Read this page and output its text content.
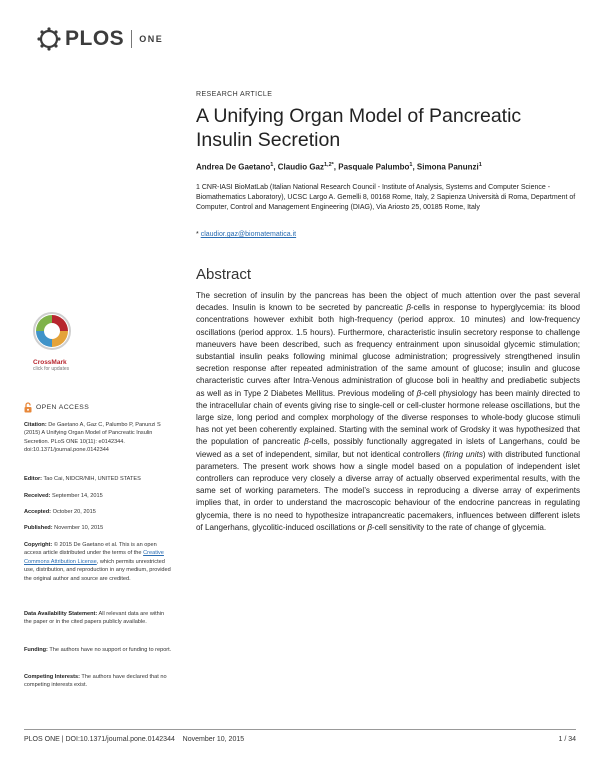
PLOS ONE
RESEARCH ARTICLE
A Unifying Organ Model of Pancreatic Insulin Secretion
Andrea De Gaetano$^1$, Claudio Gaz$^{1,2*}$, Pasquale Palumbo$^1$, Simona Panunzi$^1$
1 CNR-IASI BioMatLab (Italian National Research Council - Institute of Analysis, Systems and Computer Science - Biomathematics Laboratory), UCSC Largo A. Gemelli 8, 00168 Rome, Italy, 2 Sapienza Università di Roma, Department of Computer, Control and Management Engineering (DIAG), Via Ariosto 25, 00185 Rome, Italy
* claudior.gaz@biomatematica.it
Abstract
The secretion of insulin by the pancreas has been the object of much attention over the past several decades. Insulin is known to be secreted by pancreatic β-cells in response to hyperglycemia: its blood concentrations however exhibit both high-frequency (period approx. 10 minutes) and low-frequency oscillations (period approx. 1.5 hours). Furthermore, characteristic insulin secretory response to challenge maneuvers have been described, such as frequency entrainment upon sinusoidal glycemic stimulation; substantial insulin peaks following minimal glucose administration; progressively strengthened insulin secretion response after repeated administration of the same amount of glucose; insulin and glucose characteristic curves after Intra-Venous administration of glucose boli in healthy and prediabetic subjects as well as in Type 2 Diabetes Mellitus. Previous modeling of β-cell physiology has been mainly directed to the intracellular chain of events giving rise to single-cell or cell-cluster hormone release oscillations, but the large size, long period and complex morphology of the diverse responses to whole-body glucose stimuli has not yet been coherently explained. Starting with the seminal work of Grodsky it was hypothesized that the population of pancreatic β-cells, possibly functionally aggregated in islets of Langerhans, could be viewed as a set of independent, similar, but not identical controllers (firing units) with distributed functional parameters. The present work shows how a single model based on a population of independent islet controllers can reproduce very closely a diverse array of actually observed experimental results, with the same set of working parameters. The model’s success in reproducing a diverse array of experiments implies that, in order to understand the macroscopic behaviour of the endocrine pancreas in regulating glycemia, there is no need to hypothesize intrapancreatic pacemakers, influences between different islets of Langerhans, glycolitic-induced oscillations or β-cell sensitivity to the rate of change of glycemia.
CrossMark
click for updates
OPEN ACCESS
Citation: De Gaetano A, Gaz C, Palumbo P, Panunzi S (2015) A Unifying Organ Model of Pancreatic Insulin Secretion. PLoS ONE 10(11): e0142344. doi:10.1371/journal.pone.0142344
Editor: Tao Cai, NIDCR/NIH, UNITED STATES
Received: September 14, 2015
Accepted: October 20, 2015
Published: November 10, 2015
Copyright: © 2015 De Gaetano et al. This is an open access article distributed under the terms of the Creative Commons Attribution License, which permits unrestricted use, distribution, and reproduction in any medium, provided the original author and source are credited.
Data Availability Statement: All relevant data are within the paper or in the cited papers publicly available.
Funding: The authors have no support or funding to report.
Competing Interests: The authors have declared that no competing interests exist.
PLOS ONE | DOI:10.1371/journal.pone.0142344    November 10, 2015	1 / 34
